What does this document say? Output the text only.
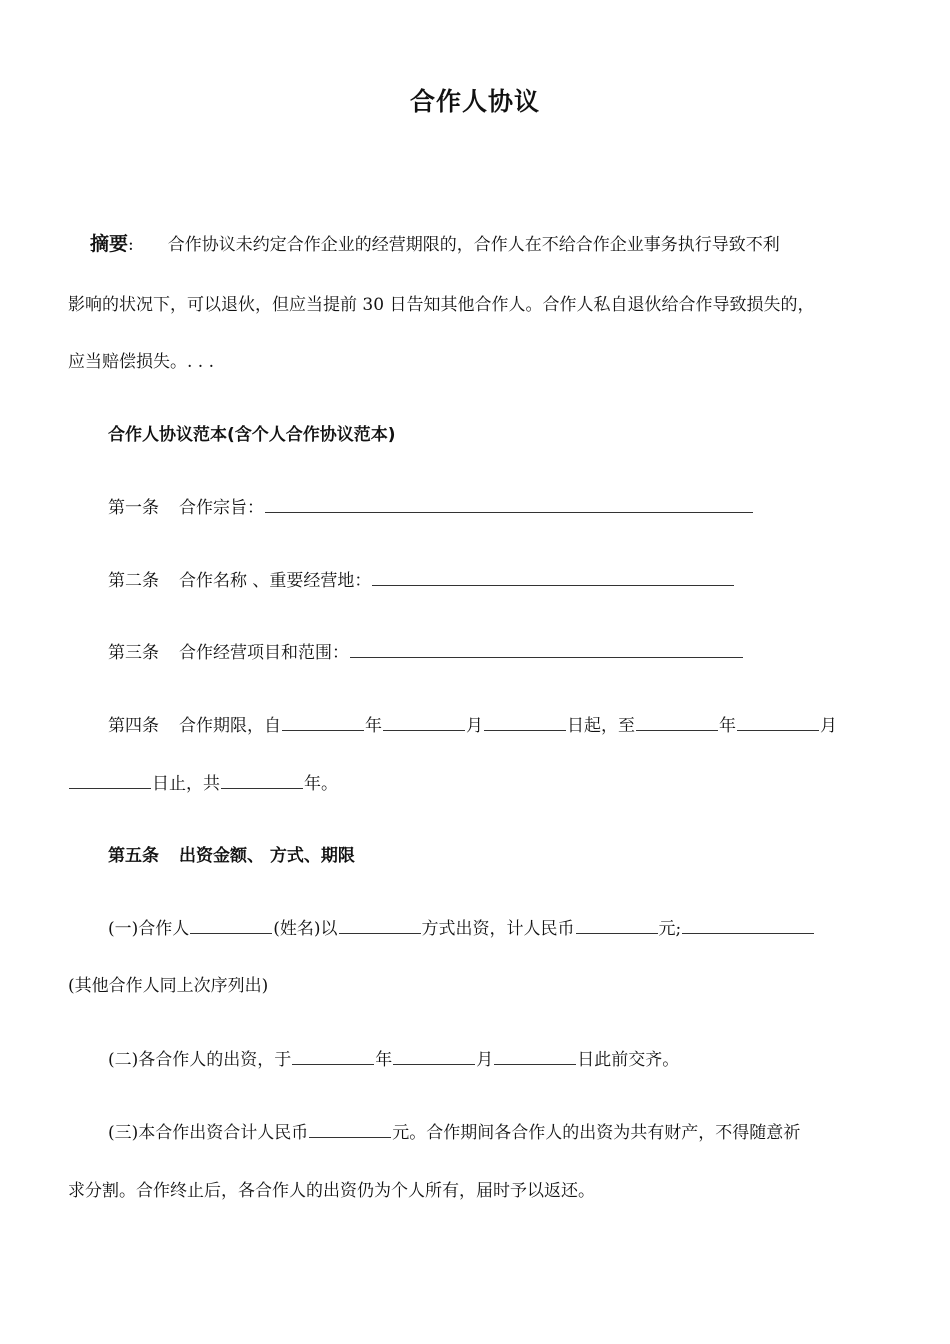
合作人协议
摘要: 合作协议未约定合作企业的经营期限的，合作人在不给合作企业事务执行导致不利
影响的状况下，可以退伙，但应当提前 30 日告知其他合作人。合作人私自退伙给合作导致损失的，
应当赔偿损失。. . .
合作人协议范本(含个人合作协议范本)
第一条 合作宗旨：
第二条 合作名称 、重要经营地：
第三条 合作经营项目和范围：
第四条 合作期限，自	年	月	日起，至	年	月
日止，共	年。
第五条 出资金额、 方式、期限
(一)合作人	(姓名)以	方式出资，计人民币	元;
(其他合作人同上次序列出)
(二)各合作人的出资，于	年	月	日此前交齐。
(三)本合作出资合计人民币	元。合作期间各合作人的出资为共有财产，不得随意祈
求分割。合作终止后，各合作人的出资仍为个人所有，届时予以返还。
